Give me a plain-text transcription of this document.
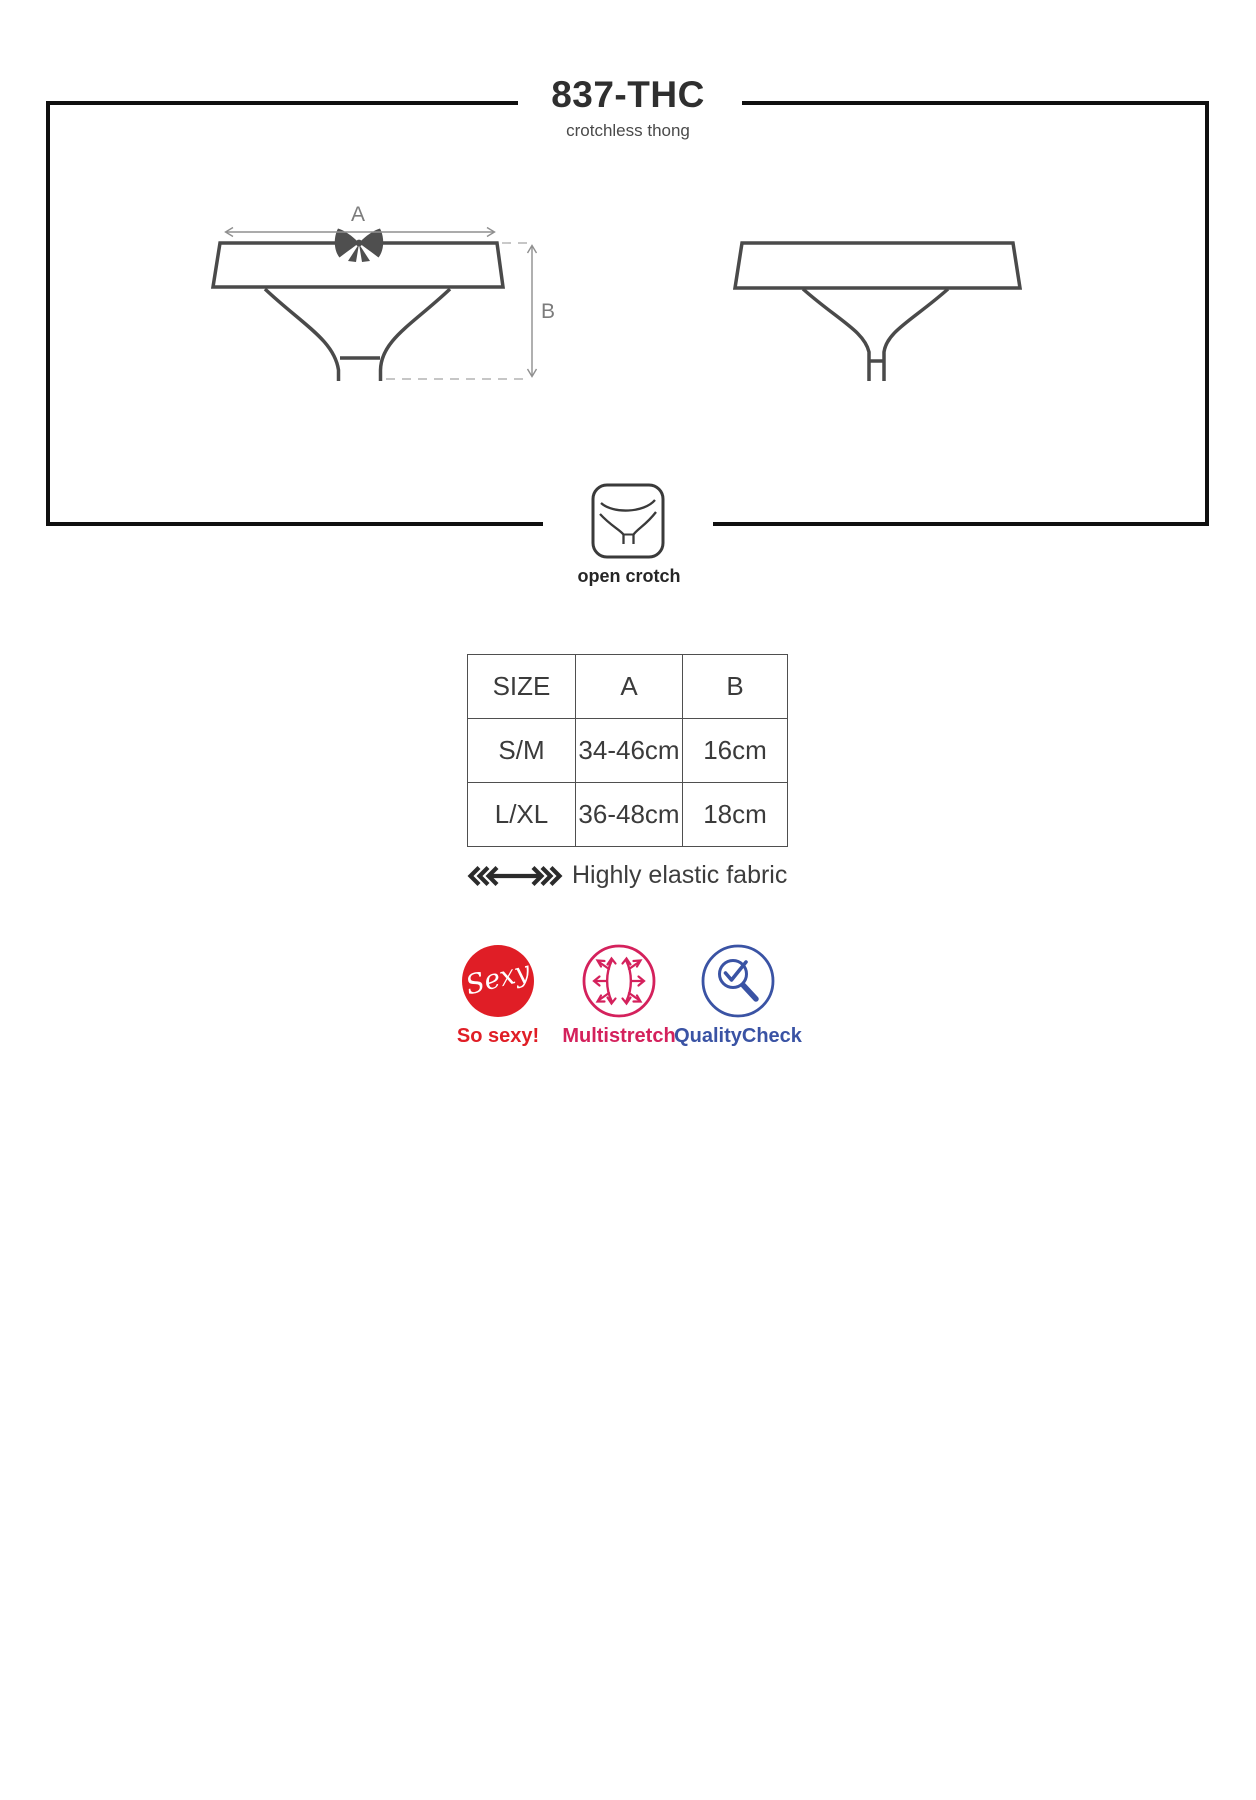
837-THC
crotchless thong
A
B
open crotch
SIZE	A	B
S/M	34-46cm	16cm
L/XL	36-48cm	18cm
Highly elastic fabric
Sexy
So sexy! Multistretch
QualityCheck
